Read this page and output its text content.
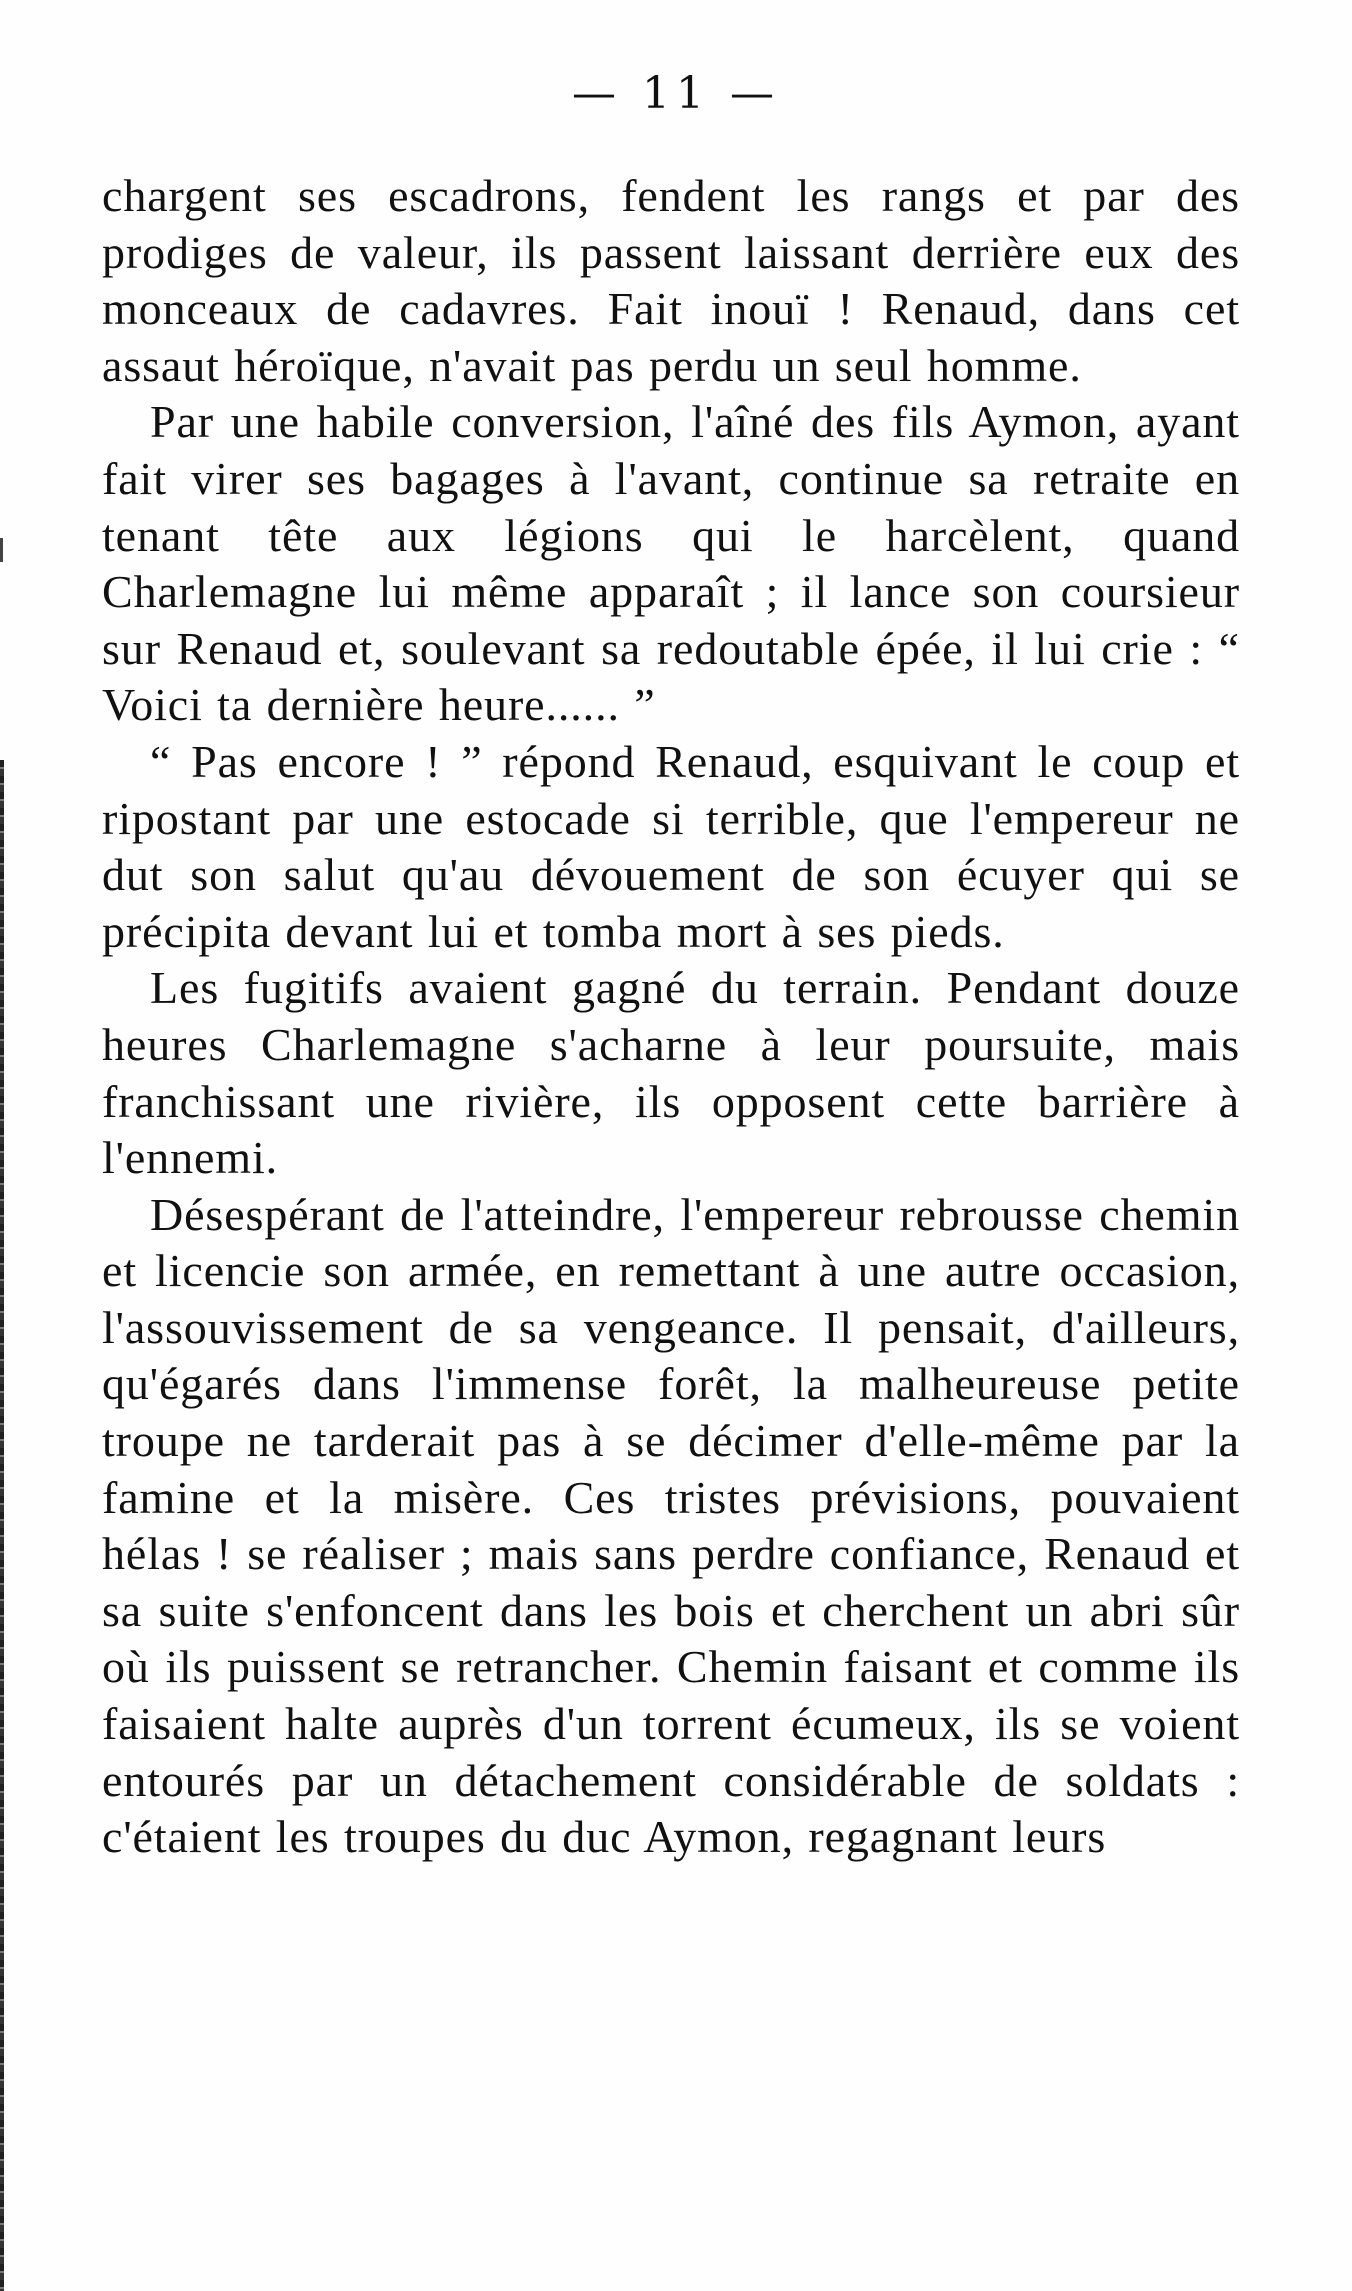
— 11 —

chargent ses escadrons, fendent les rangs et par des prodiges de valeur, ils passent laissant derrière eux des monceaux de cadavres. Fait inouï ! Renaud, dans cet assaut héroïque, n'avait pas perdu un seul homme.

Par une habile conversion, l'aîné des fils Aymon, ayant fait virer ses bagages à l'avant, continue sa retraite en tenant tête aux légions qui le harcèlent, quand Charlemagne lui même apparaît ; il lance son coursieur sur Renaud et, soulevant sa redoutable épée, il lui crie : “ Voici ta dernière heure...... ”

“ Pas encore ! ” répond Renaud, esquivant le coup et ripostant par une estocade si terrible, que l'empereur ne dut son salut qu'au dévouement de son écuyer qui se précipita devant lui et tomba mort à ses pieds.

Les fugitifs avaient gagné du terrain. Pendant douze heures Charlemagne s'acharne à leur poursuite, mais franchissant une rivière, ils opposent cette barrière à l'ennemi.

Désespérant de l'atteindre, l'empereur rebrousse chemin et licencie son armée, en remettant à une autre occasion, l'assouvissement de sa vengeance. Il pensait, d'ailleurs, qu'égarés dans l'immense forêt, la malheureuse petite troupe ne tarderait pas à se décimer d'elle-même par la famine et la misère. Ces tristes prévisions, pouvaient hélas ! se réaliser ; mais sans perdre confiance, Renaud et sa suite s'enfoncent dans les bois et cherchent un abri sûr où ils puissent se retrancher. Chemin faisant et comme ils faisaient halte auprès d'un torrent écumeux, ils se voient entourés par un détachement considérable de soldats : c'étaient les troupes du duc Aymon, regagnant leurs
